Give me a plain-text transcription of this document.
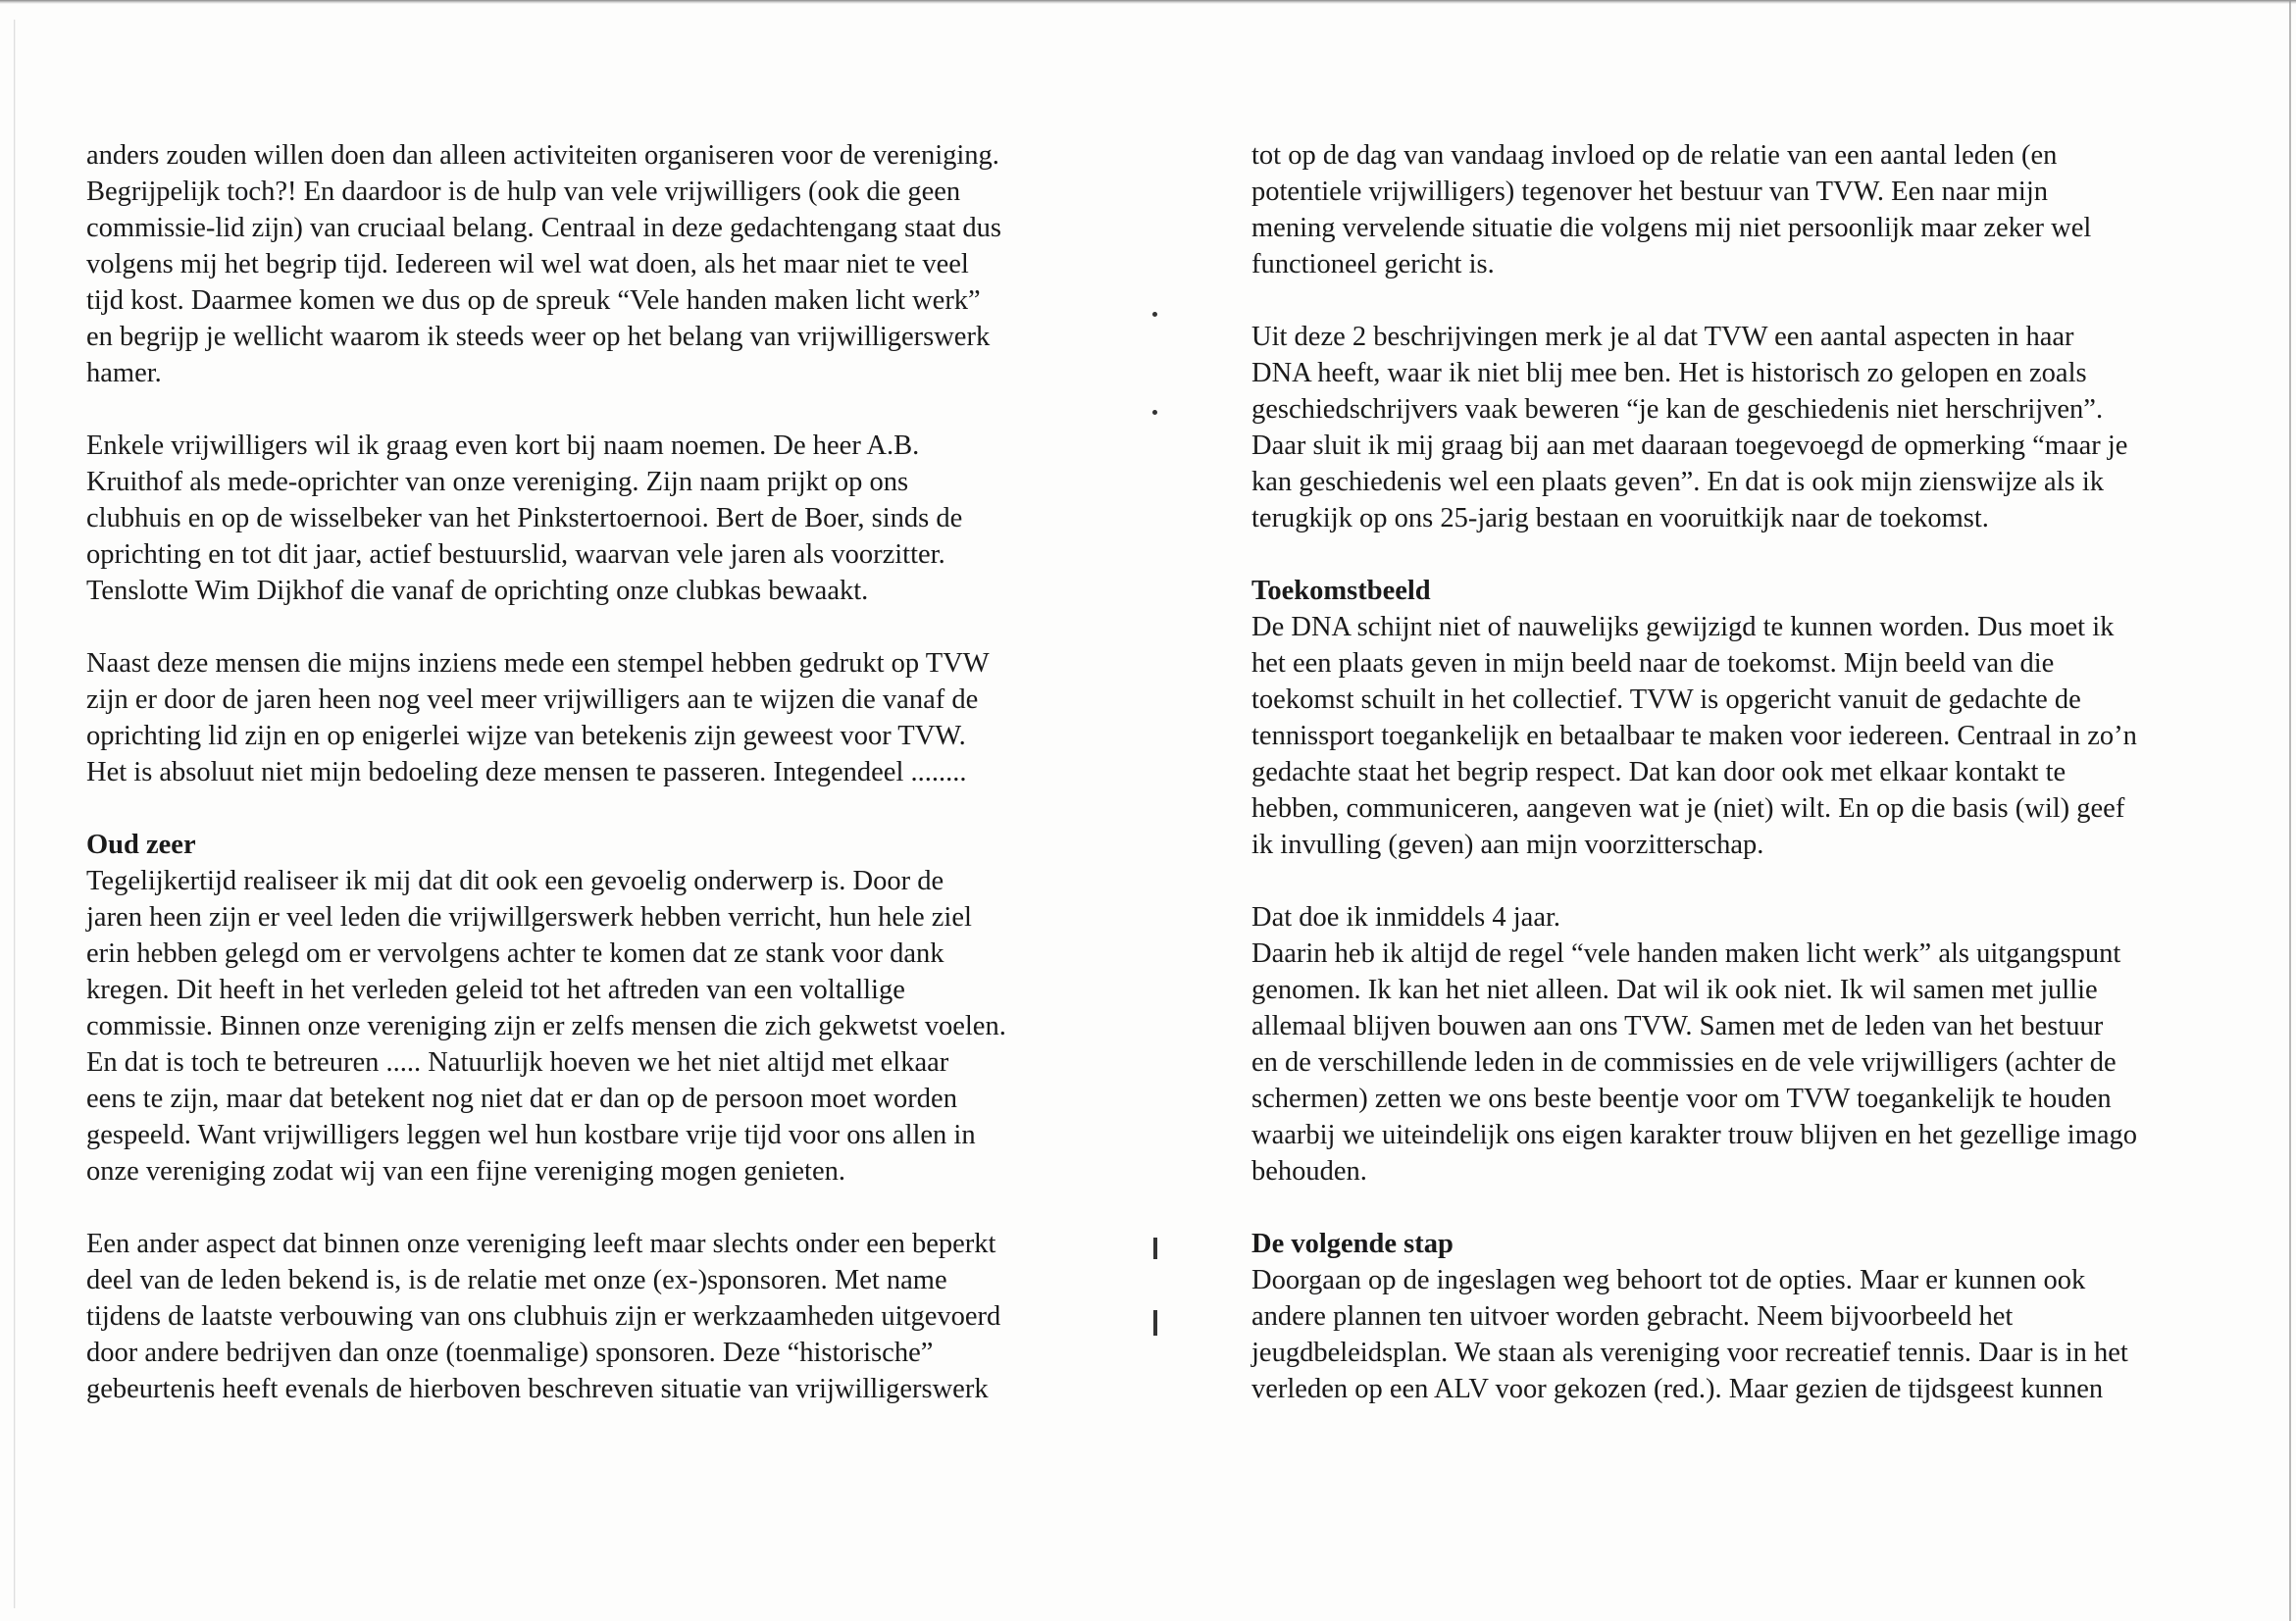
anders zouden willen doen dan alleen activiteiten organiseren voor de vereniging.
Begrijpelijk toch?! En daardoor is de hulp van vele vrijwilligers (ook die geen
commissie-lid zijn) van cruciaal belang. Centraal in deze gedachtengang staat dus
volgens mij het begrip tijd. Iedereen wil wel wat doen, als het maar niet te veel
tijd kost. Daarmee komen we dus op de spreuk “Vele handen maken licht werk”
en begrijp je wellicht waarom ik steeds weer op het belang van vrijwilligerswerk
hamer.

Enkele vrijwilligers wil ik graag even kort bij naam noemen. De heer A.B.
Kruithof als mede-oprichter van onze vereniging. Zijn naam prijkt op ons
clubhuis en op de wisselbeker van het Pinkstertoernooi. Bert de Boer, sinds de
oprichting en tot dit jaar, actief bestuurslid, waarvan vele jaren als voorzitter.
Tenslotte Wim Dijkhof die vanaf de oprichting onze clubkas bewaakt.

Naast deze mensen die mijns inziens mede een stempel hebben gedrukt op TVW
zijn er door de jaren heen nog veel meer vrijwilligers aan te wijzen die vanaf de
oprichting lid zijn en op enigerlei wijze van betekenis zijn geweest voor TVW.
Het is absoluut niet mijn bedoeling deze mensen te passeren. Integendeel ........

Oud zeer

Tegelijkertijd realiseer ik mij dat dit ook een gevoelig onderwerp is. Door de
jaren heen zijn er veel leden die vrijwillgerswerk hebben verricht, hun hele ziel
erin hebben gelegd om er vervolgens achter te komen dat ze stank voor dank
kregen. Dit heeft in het verleden geleid tot het aftreden van een voltallige
commissie. Binnen onze vereniging zijn er zelfs mensen die zich gekwetst voelen.
En dat is toch te betreuren ..... Natuurlijk hoeven we het niet altijd met elkaar
eens te zijn, maar dat betekent nog niet dat er dan op de persoon moet worden
gespeeld. Want vrijwilligers leggen wel hun kostbare vrije tijd voor ons allen in
onze vereniging zodat wij van een fijne vereniging mogen genieten.

Een ander aspect dat binnen onze vereniging leeft maar slechts onder een beperkt
deel van de leden bekend is, is de relatie met onze (ex-)sponsoren. Met name
tijdens de laatste verbouwing van ons clubhuis zijn er werkzaamheden uitgevoerd
door andere bedrijven dan onze (toenmalige) sponsoren. Deze “historische”
gebeurtenis heeft evenals de hierboven beschreven situatie van vrijwilligerswerk

tot op de dag van vandaag invloed op de relatie van een aantal leden (en
potentiele vrijwilligers) tegenover het bestuur van TVW. Een naar mijn
mening vervelende situatie die volgens mij niet persoonlijk maar zeker wel
functioneel gericht is.

Uit deze 2 beschrijvingen merk je al dat TVW een aantal aspecten in haar
DNA heeft, waar ik niet blij mee ben. Het is historisch zo gelopen en zoals
geschiedschrijvers vaak beweren “je kan de geschiedenis niet herschrijven”.
Daar sluit ik mij graag bij aan met daaraan toegevoegd de opmerking “maar je
kan geschiedenis wel een plaats geven”. En dat is ook mijn zienswijze als ik
terugkijk op ons 25-jarig bestaan en vooruitkijk naar de toekomst.

Toekomstbeeld

De DNA schijnt niet of nauwelijks gewijzigd te kunnen worden. Dus moet ik
het een plaats geven in mijn beeld naar de toekomst. Mijn beeld van die
toekomst schuilt in het collectief. TVW is opgericht vanuit de gedachte de
tennissport toegankelijk en betaalbaar te maken voor iedereen. Centraal in zo’n
gedachte staat het begrip respect. Dat kan door ook met elkaar kontakt te
hebben, communiceren, aangeven wat je (niet) wilt. En op die basis (wil) geef
ik invulling (geven) aan mijn voorzitterschap.

Dat doe ik inmiddels 4 jaar.
Daarin heb ik altijd de regel “vele handen maken licht werk” als uitgangspunt
genomen. Ik kan het niet alleen. Dat wil ik ook niet. Ik wil samen met jullie
allemaal blijven bouwen aan ons TVW. Samen met de leden van het bestuur
en de verschillende leden in de commissies en de vele vrijwilligers (achter de
schermen) zetten we ons beste beentje voor om TVW toegankelijk te houden
waarbij we uiteindelijk ons eigen karakter trouw blijven en het gezellige imago
behouden.

De volgende stap

Doorgaan op de ingeslagen weg behoort tot de opties. Maar er kunnen ook
andere plannen ten uitvoer worden gebracht. Neem bijvoorbeeld het
jeugdbeleidsplan. We staan als vereniging voor recreatief tennis. Daar is in het
verleden op een ALV voor gekozen (red.). Maar gezien de tijdsgeest kunnen
